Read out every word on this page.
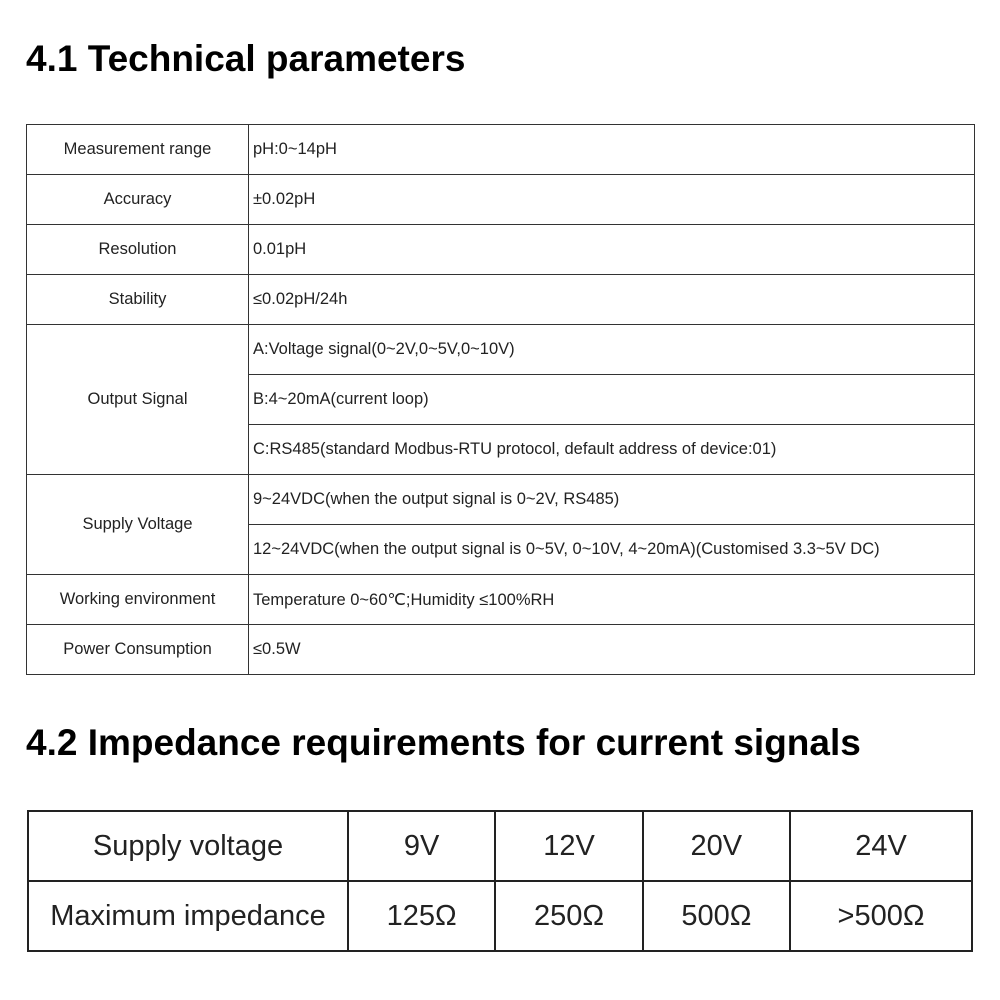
4.1 Technical parameters
Measurement range	pH:0~14pH
Accuracy	±0.02pH
Resolution	0.01pH
Stability	≤0.02pH/24h
Output Signal	A:Voltage signal(0~2V,0~5V,0~10V)
	B:4~20mA(current loop)
	C:RS485(standard Modbus-RTU protocol, default address of device:01)
Supply Voltage	9~24VDC(when the output signal is 0~2V, RS485)
	12~24VDC(when the output signal is 0~5V, 0~10V, 4~20mA)(Customised 3.3~5V DC)
Working environment	Temperature 0~60℃;Humidity ≤100%RH
Power Consumption	≤0.5W
4.2 Impedance requirements for current signals
Supply voltage	9V	12V	20V	24V
Maximum impedance	125Ω	250Ω	500Ω	>500Ω
